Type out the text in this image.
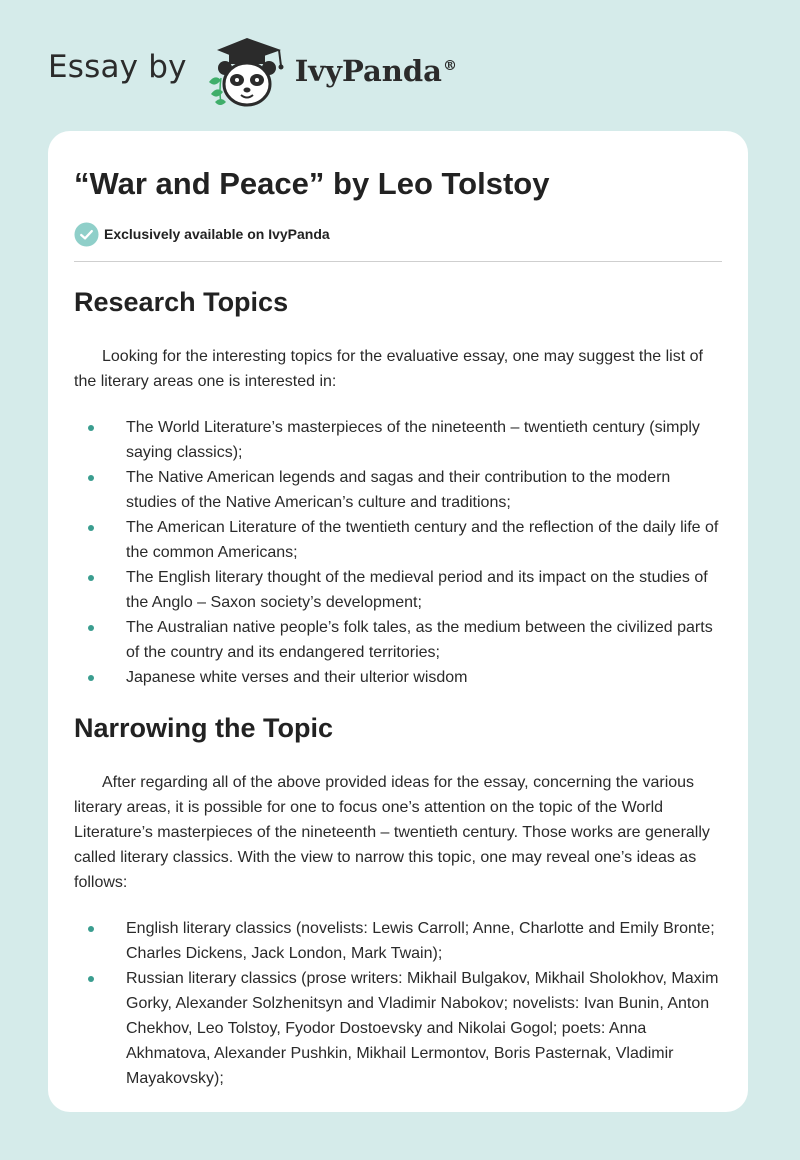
Essay by	IvyPanda®
“War and Peace” by Leo Tolstoy
Exclusively available on IvyPanda
Research Topics

Looking for the interesting topics for the evaluative essay, one may suggest the list of the literary areas one is interested in:

The World Literature’s masterpieces of the nineteenth – twentieth century (simply saying classics);
The Native American legends and sagas and their contribution to the modern studies of the Native American’s culture and traditions;
The American Literature of the twentieth century and the reflection of the daily life of the common Americans;
The English literary thought of the medieval period and its impact on the studies of the Anglo – Saxon society’s development;
The Australian native people’s folk tales, as the medium between the civilized parts of the country and its endangered territories;
Japanese white verses and their ulterior wisdom
Narrowing the Topic

After regarding all of the above provided ideas for the essay, concerning the various literary areas, it is possible for one to focus one’s attention on the topic of the World Literature’s masterpieces of the nineteenth – twentieth century. Those works are generally called literary classics. With the view to narrow this topic, one may reveal one’s ideas as follows:

English literary classics (novelists: Lewis Carroll; Anne, Charlotte and Emily Bronte; Charles Dickens, Jack London, Mark Twain);
Russian literary classics (prose writers: Mikhail Bulgakov, Mikhail Sholokhov, Maxim Gorky, Alexander Solzhenitsyn and Vladimir Nabokov; novelists: Ivan Bunin, Anton Chekhov, Leo Tolstoy, Fyodor Dostoevsky and Nikolai Gogol; poets: Anna Akhmatova, Alexander Pushkin, Mikhail Lermontov, Boris Pasternak, Vladimir Mayakovsky);
